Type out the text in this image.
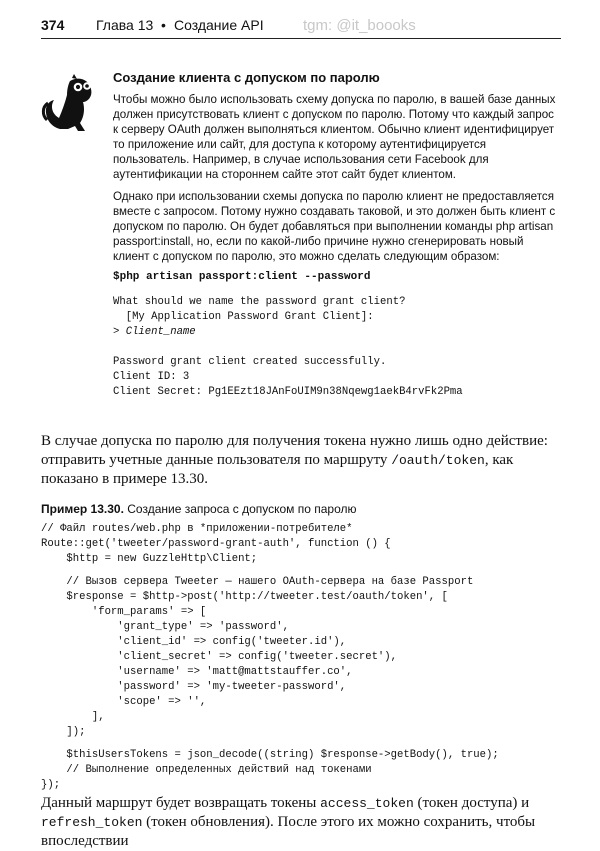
374 Глава 13 • Создание API	tgm: @it_boooks
Создание клиента с допуском по паролю

Чтобы можно было использовать схему допуска по паролю, в вашей базе данных должен присутствовать клиент с допуском по паролю. Потому что каждый запрос к серверу OAuth должен выполняться клиентом. Обычно клиент идентифицирует то приложение или сайт, для доступа к которому аутентифицируется пользователь. Например, в случае использования сети Facebook для аутентификации на стороннем сайте этот сайт будет клиентом.

Однако при использовании схемы допуска по паролю клиент не предоставляется вместе с запросом. Потому нужно создавать таковой, и это должен быть клиент с допуском по паролю. Он будет добавляться при выполнении команды php artisan passport:install, но, если по какой-либо причине нужно сгенерировать новый клиент с допуском по паролю, это можно сделать следующим образом:

$php artisan passport:client --password
What should we name the password grant client?
[My Application Password Grant Client]:
> Client_name
Password grant client created successfully.
Client ID: 3
Client Secret: Pg1EEzt18JAnFoUIM9n38Nqewg1aekB4rvFk2Pma

В случае допуска по паролю для получения токена нужно лишь одно действие: отправить учетные данные пользователя по маршруту /oauth/token, как показано в примере 13.30.

Пример 13.30. Создание запроса с допуском по паролю

// Файл routes/web.php в *приложении-потребителе*
Route::get('tweeter/password-grant-auth', function () {
$http = new GuzzleHttp\Client;
// Вызов сервера Tweeter — нашего OAuth-сервера на базе Passport
$response = $http->post('http://tweeter.test/oauth/token', [
'form_params' => [
'grant_type' => 'password',
'client_id' => config('tweeter.id'),
'client_secret' => config('tweeter.secret'),
'username' => 'matt@mattstauffer.co',
'password' => 'my-tweeter-password',
'scope' => '',
],
]);
$thisUsersTokens = json_decode((string) $response->getBody(), true);
// Выполнение определенных действий над токенами
});

Данный маршрут будет возвращать токены access_token (токен доступа) и refresh_token (токен обновления). После этого их можно сохранить, чтобы впоследствии
